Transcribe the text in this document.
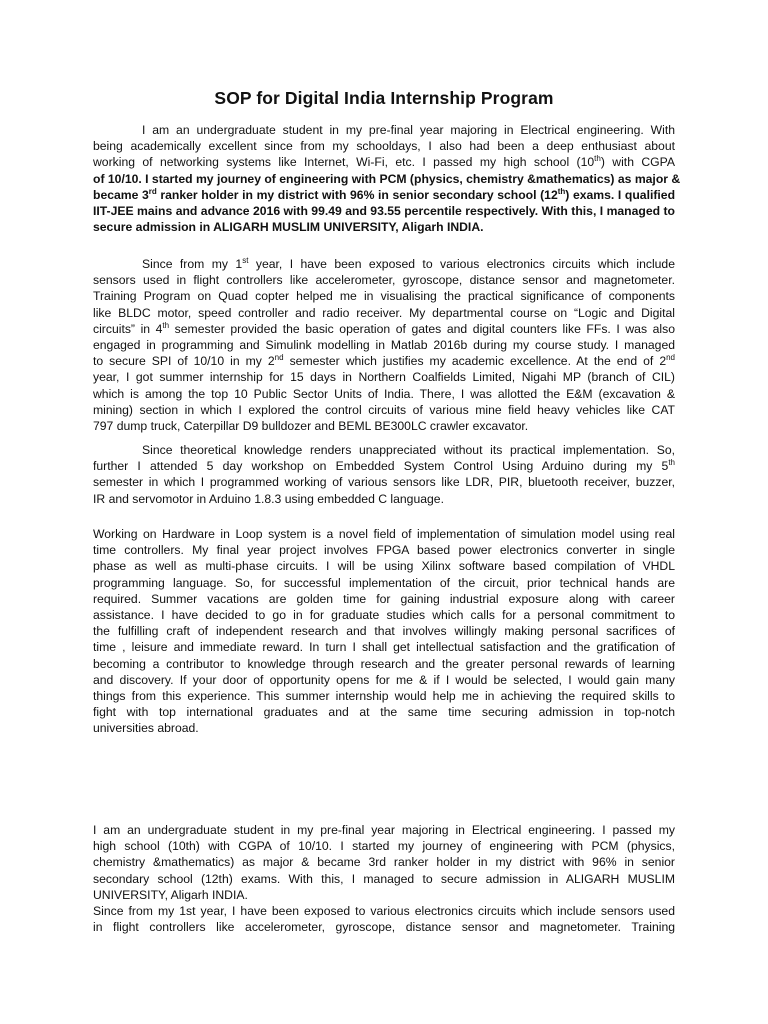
SOP for Digital India Internship Program
I am an undergraduate student in my pre-final year majoring in Electrical engineering. With
being academically excellent since from my schooldays, I also had been a deep enthusiast about
working of networking systems like Internet, Wi-Fi, etc. I passed my high school (10th) with CGPA
of 10/10. I started my journey of engineering with PCM (physics, chemistry &mathematics) as major &
became 3rd ranker holder in my district with 96% in senior secondary school (12th) exams. I qualified
IIT-JEE mains and advance 2016 with 99.49 and 93.55 percentile respectively. With this, I managed to
secure admission in ALIGARH MUSLIM UNIVERSITY, Aligarh INDIA.
Since from my 1st year, I have been exposed to various electronics circuits which include
sensors used in flight controllers like accelerometer, gyroscope, distance sensor and magnetometer.
Training Program on Quad copter helped me in visualising the practical significance of components
like BLDC motor, speed controller and radio receiver. My departmental course on “Logic and Digital
circuits” in 4th semester provided the basic operation of gates and digital counters like FFs. I was also
engaged in programming and Simulink modelling in Matlab 2016b during my course study. I managed
to secure SPI of 10/10 in my 2nd semester which justifies my academic excellence. At the end of 2nd
year, I got summer internship for 15 days in Northern Coalfields Limited, Nigahi MP (branch of CIL)
which is among the top 10 Public Sector Units of India. There, I was allotted the E&M (excavation &
mining) section in which I explored the control circuits of various mine field heavy vehicles like CAT
797 dump truck, Caterpillar D9 bulldozer and BEML BE300LC crawler excavator.
Since theoretical knowledge renders unappreciated without its practical implementation. So,
further I attended 5 day workshop on Embedded System Control Using Arduino during my 5th
semester in which I programmed working of various sensors like LDR, PIR, bluetooth receiver, buzzer,
IR and servomotor in Arduino 1.8.3 using embedded C language.
Working on Hardware in Loop system is a novel field of implementation of simulation model using real
time controllers. My final year project involves FPGA based power electronics converter in single
phase as well as multi-phase circuits. I will be using Xilinx software based compilation of VHDL
programming language. So, for successful implementation of the circuit, prior technical hands are
required. Summer vacations are golden time for gaining industrial exposure along with career
assistance. I have decided to go in for graduate studies which calls for a personal commitment to
the fulfilling craft of independent research and that involves willingly making personal sacrifices of
time , leisure and immediate reward. In turn I shall get intellectual satisfaction and the gratification of
becoming a contributor to knowledge through research and the greater personal rewards of learning
and discovery. If your door of opportunity opens for me & if I would be selected, I would gain many
things from this experience. This summer internship would help me in achieving the required skills to
fight with top international graduates and at the same time securing admission in top-notch
universities abroad.
I am an undergraduate student in my pre-final year majoring in Electrical engineering. I passed my
high school (10th) with CGPA of 10/10. I started my journey of engineering with PCM (physics,
chemistry &mathematics) as major & became 3rd ranker holder in my district with 96% in senior
secondary school (12th) exams. With this, I managed to secure admission in ALIGARH MUSLIM
UNIVERSITY, Aligarh INDIA.
Since from my 1st year, I have been exposed to various electronics circuits which include sensors used
in flight controllers like accelerometer, gyroscope, distance sensor and magnetometer. Training
